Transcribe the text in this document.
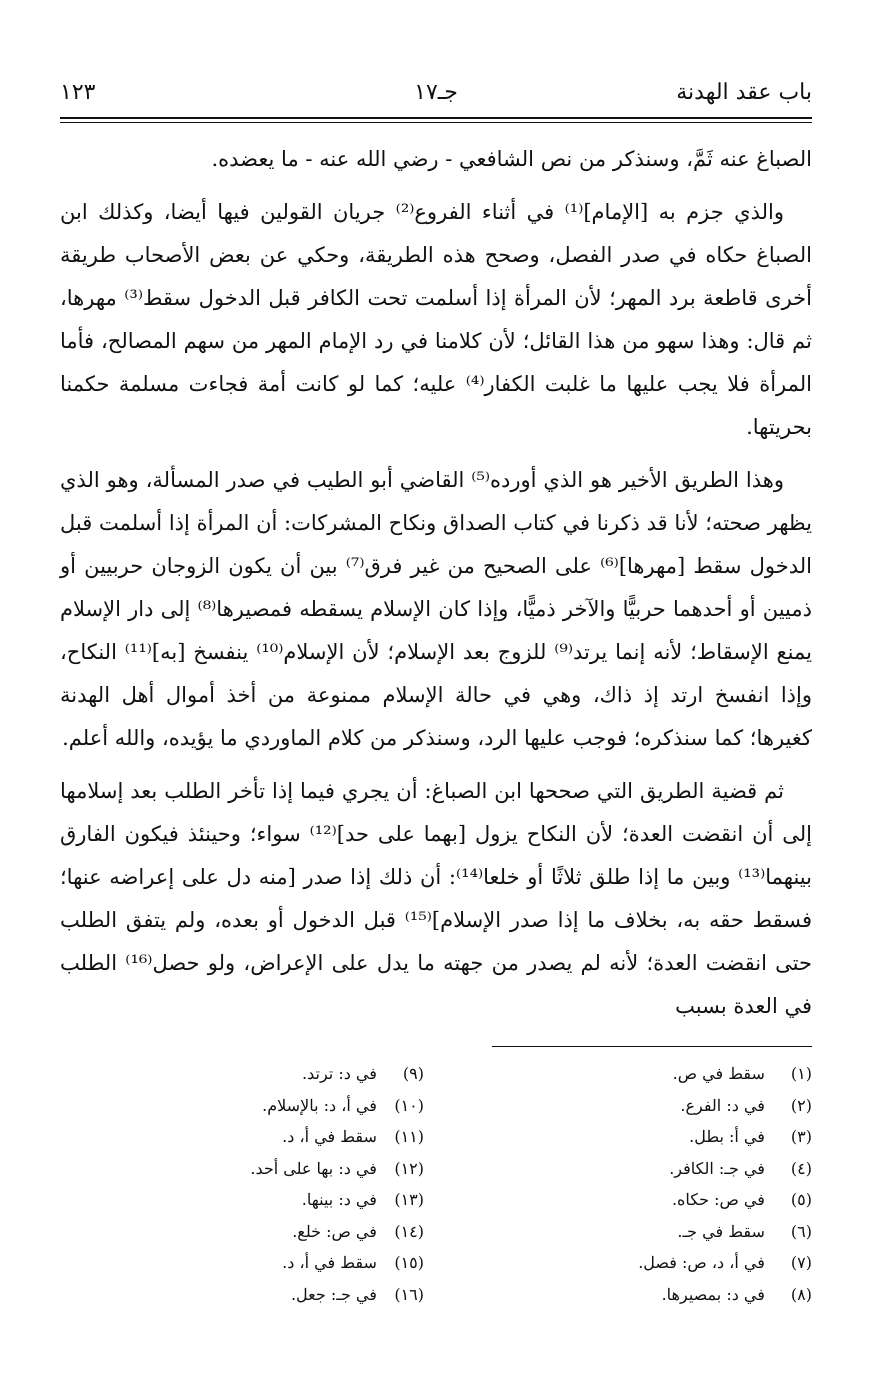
باب عقد الهدنة
جـ١٧
١٢٣

الصباغ عنه ثَمَّ، وسنذكر من نص الشافعي - رضي الله عنه - ما يعضده.

والذي جزم به [الإمام]⁽¹⁾ في أثناء الفروع⁽²⁾ جريان القولين فيها أيضا، وكذلك ابن الصباغ حكاه في صدر الفصل، وصحح هذه الطريقة، وحكي عن بعض الأصحاب طريقة أخرى قاطعة برد المهر؛ لأن المرأة إذا أسلمت تحت الكافر قبل الدخول سقط⁽³⁾ مهرها، ثم قال: وهذا سهو من هذا القائل؛ لأن كلامنا في رد الإمام المهر من سهم المصالح، فأما المرأة فلا يجب عليها ما غلبت الكفار⁽⁴⁾ عليه؛ كما لو كانت أمة فجاءت مسلمة حكمنا بحريتها.

وهذا الطريق الأخير هو الذي أورده⁽⁵⁾ القاضي أبو الطيب في صدر المسألة، وهو الذي يظهر صحته؛ لأنا قد ذكرنا في كتاب الصداق ونكاح المشركات: أن المرأة إذا أسلمت قبل الدخول سقط [مهرها]⁽⁶⁾ على الصحيح من غير فرق⁽⁷⁾ بين أن يكون الزوجان حربيين أو ذميين أو أحدهما حربيًّا والآخر ذميًّا، وإذا كان الإسلام يسقطه فمصيرها⁽⁸⁾ إلى دار الإسلام يمنع الإسقاط؛ لأنه إنما يرتد⁽⁹⁾ للزوج بعد الإسلام؛ لأن الإسلام⁽¹⁰⁾ ينفسخ [به]⁽¹¹⁾ النكاح، وإذا انفسخ ارتد إذ ذاك، وهي في حالة الإسلام ممنوعة من أخذ أموال أهل الهدنة كغيرها؛ كما سنذكره؛ فوجب عليها الرد، وسنذكر من كلام الماوردي ما يؤيده، والله أعلم.

ثم قضية الطريق التي صححها ابن الصباغ: أن يجري فيما إذا تأخر الطلب بعد إسلامها إلى أن انقضت العدة؛ لأن النكاح يزول [بهما على حد]⁽¹²⁾ سواء؛ وحينئذ فيكون الفارق بينهما⁽¹³⁾ وبين ما إذا طلق ثلاثًا أو خلعا⁽¹⁴⁾: أن ذلك إذا صدر [منه دل على إعراضه عنها؛ فسقط حقه به، بخلاف ما إذا صدر الإسلام]⁽¹⁵⁾ قبل الدخول أو بعده، ولم يتفق الطلب حتى انقضت العدة؛ لأنه لم يصدر من جهته ما يدل على الإعراض، ولو حصل⁽¹⁶⁾ الطلب في العدة بسبب

(١) سقط في ص.
(٢) في د: الفرع.
(٣) في أ: بطل.
(٤) في جـ: الكافر.
(٥) في ص: حكاه.
(٦) سقط في جـ.
(٧) في أ، د، ص: فصل.
(٨) في د: بمصيرها.
(٩) في د: ترتد.
(١٠) في أ، د: بالإسلام.
(١١) سقط في أ، د.
(١٢) في د: بها على أحد.
(١٣) في د: بينها.
(١٤) في ص: خلع.
(١٥) سقط في أ، د.
(١٦) في جـ: جعل.
